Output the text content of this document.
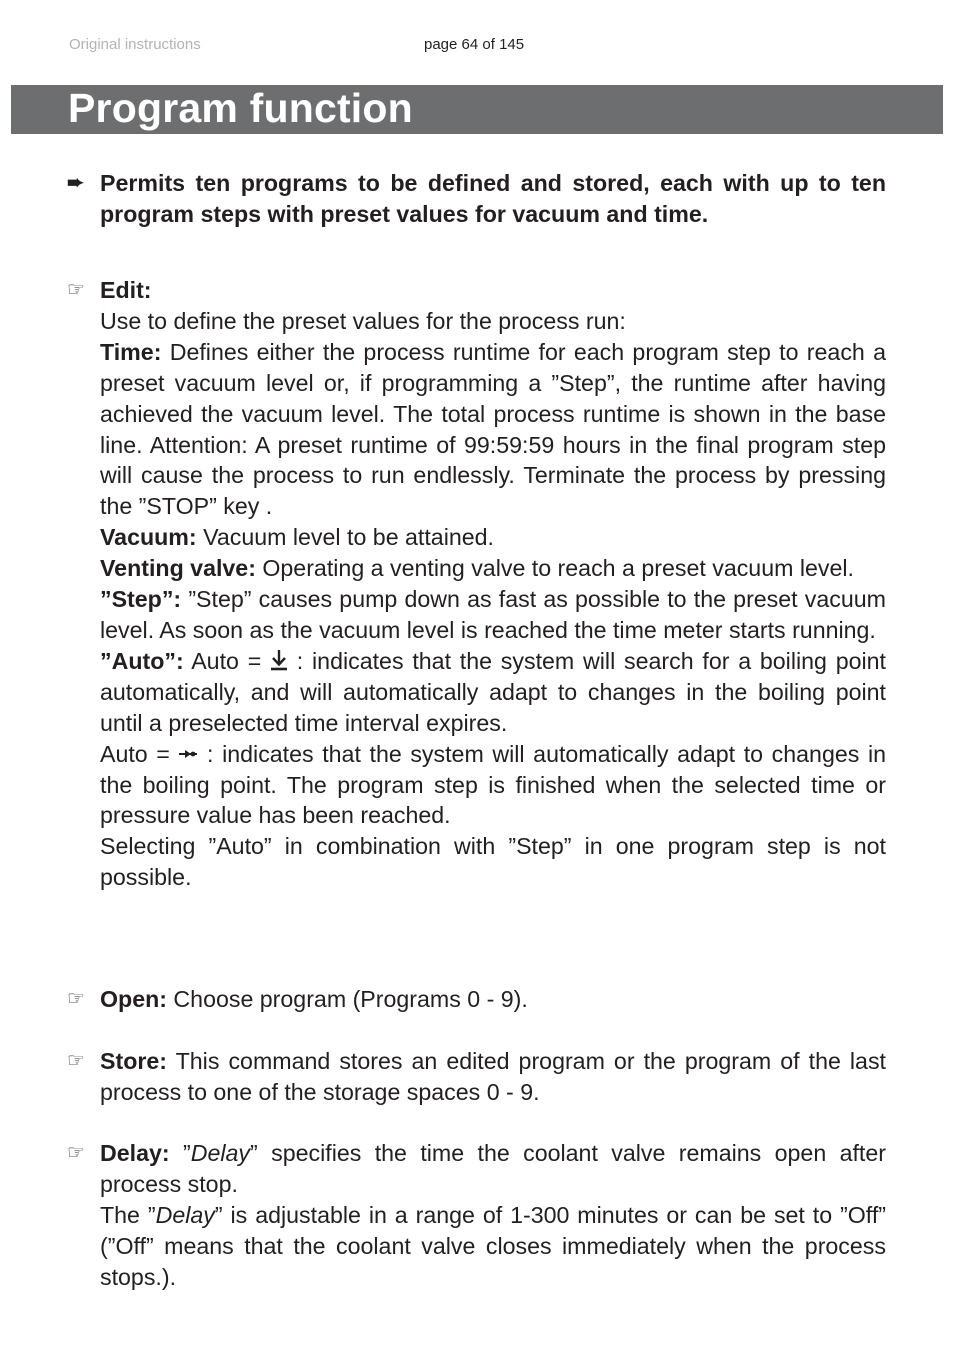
Original instructions	page 64 of 145
Program function
➨ Permits ten programs to be defined and stored, each with up to ten program steps with preset values for vacuum and time.

☞ Edit:

Use to define the preset values for the process run:

Time: Defines either the process runtime for each program step to reach a preset vacuum level or, if programming a ”Step”, the runtime after having achieved the vacuum level. The total process runtime is shown in the base line. Attention: A preset runtime of 99:59:59 hours in the final program step will cause the process to run endlessly. Terminate the process by pressing the ”STOP” key .

Vacuum: Vacuum level to be attained.

Venting valve: Operating a venting valve to reach a preset vacuum level.

”Step”: ”Step” causes pump down as fast as possible to the preset vacuum level. As soon as the vacuum level is reached the time meter starts running.

”Auto”: Auto =  : indicates that the system will search for a boiling point automatically, and will automatically adapt to changes in the boiling point until a preselected time interval expires.

Auto =  : indicates that the system will automatically adapt to changes in the boiling point. The program step is finished when the selected time or pressure value has been reached.

Selecting ”Auto” in combination with ”Step” in one program step is not possible.

☞ Open: Choose program (Programs 0 - 9).

☞ Store: This command stores an edited program or the program of the last process to one of the storage spaces 0 - 9.

☞ Delay: ”Delay” specifies the time the coolant valve remains open after process stop.

The ”Delay” is adjustable in a range of 1-300 minutes or can be set to ”Off” (”Off” means that the coolant valve closes immediately when the process stops.).
